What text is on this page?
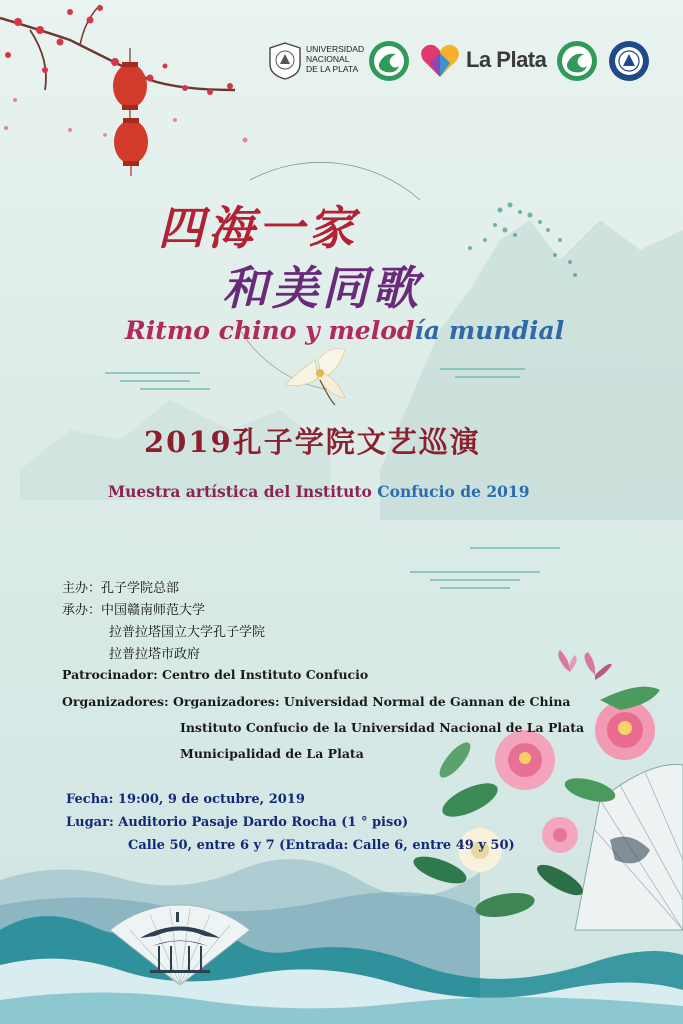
UNIVERSIDAD
NACIONAL
DE LA PLATA	La Plata
四海一家
和美同歌
Ritmo chino y melodía mundial
2019孔子学院文艺巡演
Muestra artística del Instituto Confucio de 2019
主办：孔子学院总部
承办：中国赣南师范大学
拉普拉塔国立大学孔子学院
拉普拉塔市政府
Patrocinador: Centro del Instituto Confucio
Organizadores: Organizadores: Universidad Normal de Gannan de China
Instituto Confucio de la Universidad Nacional de La Plata
Municipalidad de La Plata
Fecha: 19:00, 9 de octubre, 2019
Lugar: Auditorio Pasaje Dardo Rocha (1 ° piso)
Calle 50, entre 6 y 7 (Entrada: Calle 6, entre 49 y 50)
